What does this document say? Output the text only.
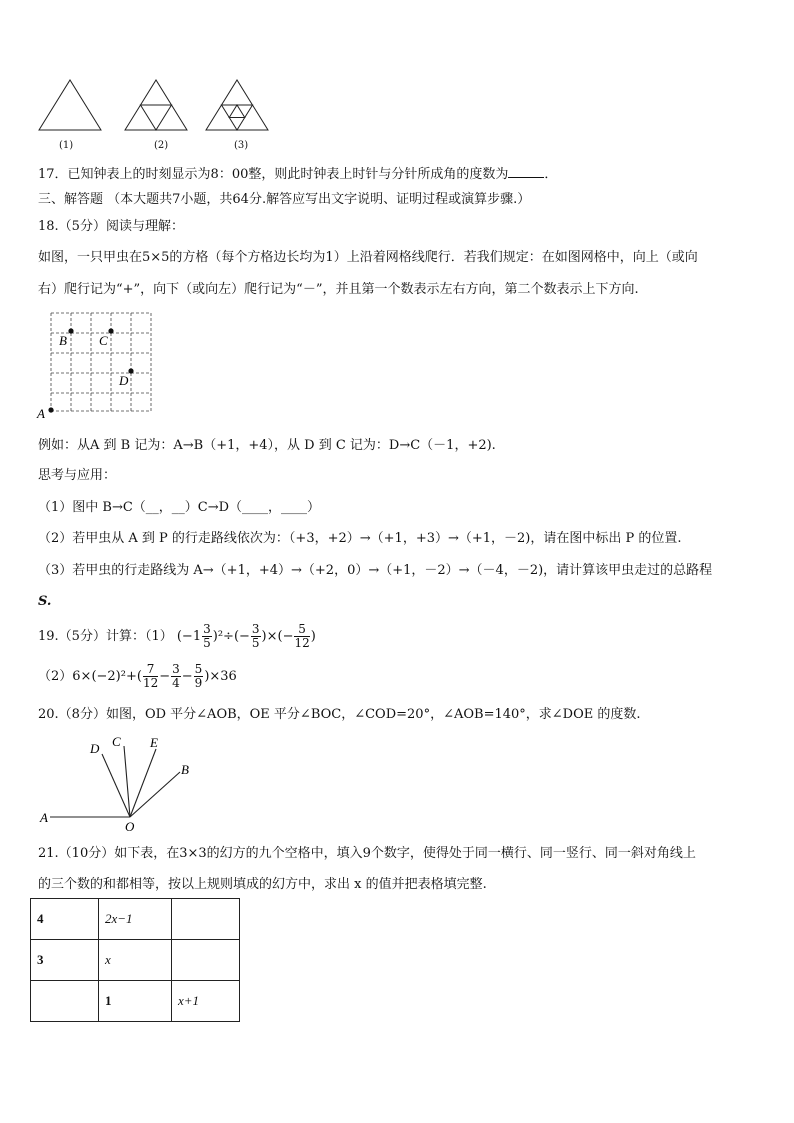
(1)	(2)	(3)
17．已知钟表上的时刻显示为8：00整，则此时钟表上时针与分针所成角的度数为	．
三、解答题 （本大题共7小题，共64分.解答应写出文字说明、证明过程或演算步骤.）
18.（5分）阅读与理解：
如图，一只甲虫在5×5的方格（每个方格边长均为1）上沿着网格线爬行．若我们规定：在如图网格中，向上（或向
右）爬行记为“+”，向下（或向左）爬行记为“－”，并且第一个数表示左右方向，第二个数表示上下方向.
B C
D
A
例如：从A 到 B 记为：A→B（+1，+4），从 D 到 C 记为：D→C（－1，+2).
思考与应用：
（1）图中 B→C（__，__）C→D（____，____）
（2）若甲虫从 A 到 P 的行走路线依次为：（+3，+2）→（+1，+3）→（+1，－2)，请在图中标出 P 的位置.
（3）若甲虫的行走路线为 A→（+1，+4）→（+2，0）→（+1，－2）→（－4，－2)，请计算该甲虫走过的总路程
S.
19.（5分）计算：（1） $(-1 \frac{3}{5} )^2\div(- \frac{3}{5}$ )×(− $\frac{5}{12}$ )
$(2)6\times(-2)^2+( \frac{7}{12} - \frac{3}{4} - \frac{5}{9} )\times 36$
20.（8分）如图，OD 平分∠AOB，OE 平分∠BOC，∠COD=20°，∠AOB=140°，求∠DOE 的度数.
D C E
B
A
O
21.（10分）如下表，在3×3的幻方的九个空格中，填入9个数字，使得处于同一横行、同一竖行、同一斜对角线上
的三个数的和都相等，按以上规则填成的幻方中，求出 x 的值并把表格填完整.
4	2x−1	
3	x	
	1	x+1
